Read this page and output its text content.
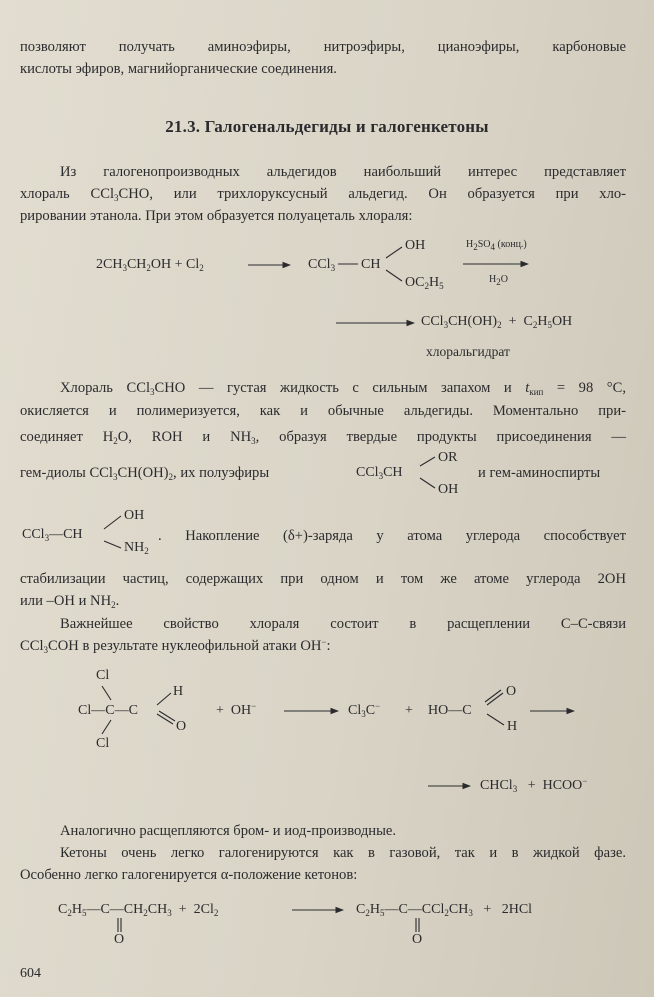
позволяют получать аминоэфиры, нитроэфиры, цианоэфиры, карбоновые
кислоты эфиров, магнийорганические соединения.
21.3. Галогенальдегиды и галогенкетоны
Из галогенопроизводных альдегидов наибольший интерес представляет
хлораль CCl$_3$CHO, или трихлоруксусный альдегид. Он образуется при хло-
рировании этанола. При этом образуется полуацеталь хлораля:
$2CH_3CH_2OH + Cl_2$	CCl$_3$ CH
OH
$OC_2H_5$
$H_2SO_4$ (конц.)
$H_2O$
$CCl_3CH(OH)_2 + C_2H_5OH$
хлоральгидрат
Хлораль CCl$_3$CHO — густая жидкость с сильным запахом и $t_{кип} = 98$ °С,
окисляется и полимеризуется, как и обычные альдегиды. Моментально при-
соединяет $H_2O$, ROH и $NH_3$, образуя твердые продукты присоединения —
гем-диолы $CCl_3CH(OH)_2$, их полуэфиры	CCl$_3$CH
OR
OH
и гем-аминоспирты
CCl$_3$—CH
OH
$NH_2$
. Накопление (δ+)-заряда у атома углерода способствует
стабилизации частиц, содержащих при одном и том же атоме углерода 2OH
или –OH и $NH_2$.
Важнейшее свойство хлораля состоит в расщеплении C–C-связи
CCl$_3$COH в результате нуклеофильной атаки OH−:
Cl
Cl—C—C
Cl
H
O
+  OH−	$Cl_3C^-$ + HO—C
O
H
CHCl$_3$   +  HCOO−
Аналогично расщепляются бром- и иод-производные.
Кетоны очень легко галогенируются как в газовой, так и в жидкой фазе.
Особенно легко галогенируется α-положение кетонов:
$C_2H_5—C—CH_2CH_3 + 2Cl_2$
O
$C_2H_5—C—CCl_2CH_3 + 2HCl$
O
604
